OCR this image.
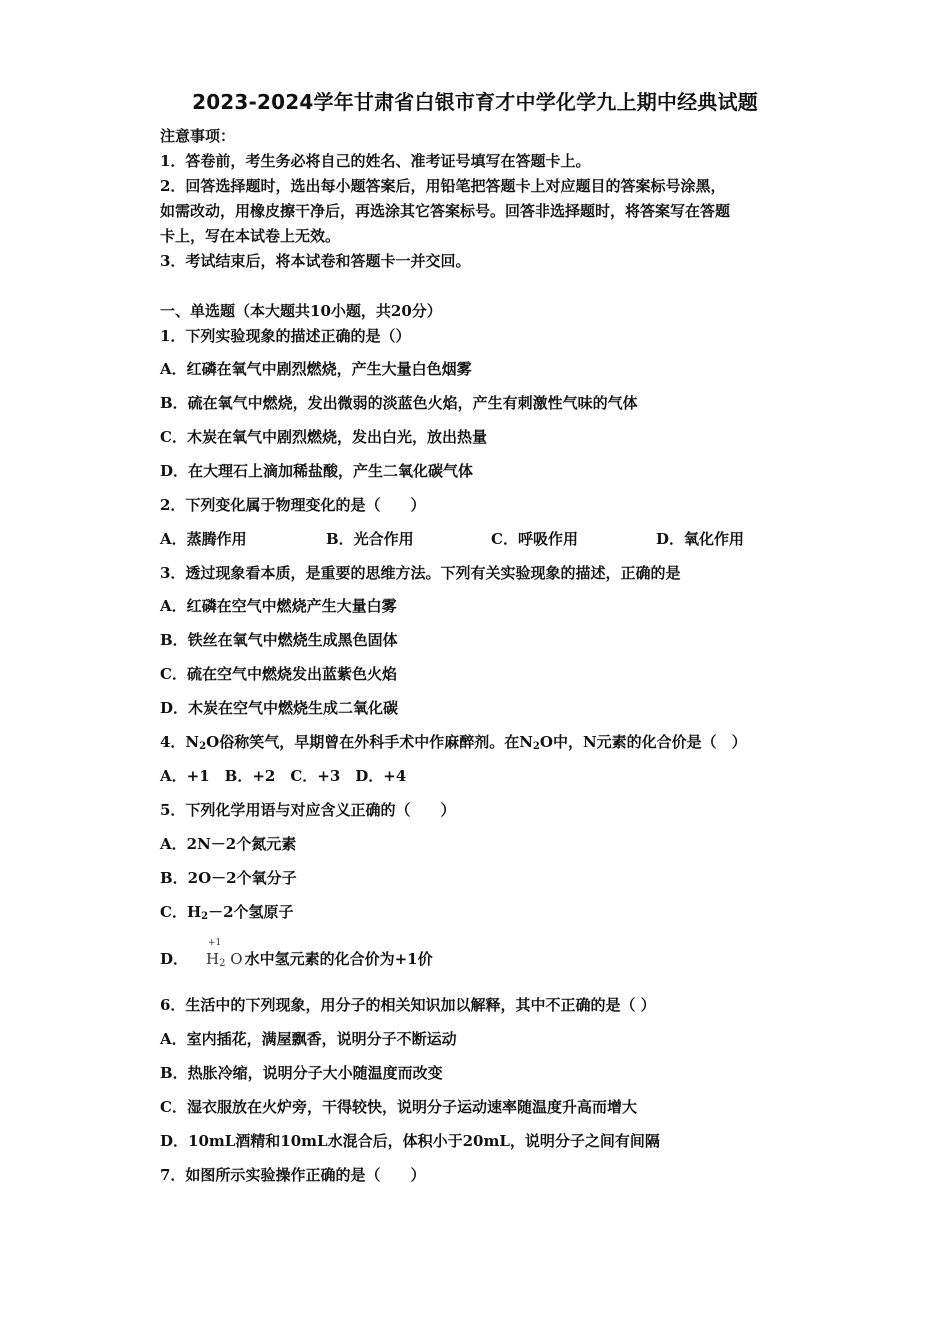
2023-2024学年甘肃省白银市育才中学化学九上期中经典试题
注意事项：
1．答卷前，考生务必将自己的姓名、准考证号填写在答题卡上。
2．回答选择题时，选出每小题答案后，用铅笔把答题卡上对应题目的答案标号涂黑，
如需改动，用橡皮擦干净后，再选涂其它答案标号。回答非选择题时，将答案写在答题
卡上，写在本试卷上无效。
3．考试结束后，将本试卷和答题卡一并交回。
一、单选题（本大题共10小题，共20分）
1．下列实验现象的描述正确的是（）
A．红磷在氧气中剧烈燃烧，产生大量白色烟雾
B．硫在氧气中燃烧，发出微弱的淡蓝色火焰，产生有刺激性气味的气体
C．木炭在氧气中剧烈燃烧，发出白光，放出热量
D．在大理石上滴加稀盐酸，产生二氧化碳气体
2．下列变化属于物理变化的是（　　）
A．蒸腾作用	B．光合作用	C．呼吸作用	D．氧化作用
3．透过现象看本质，是重要的思维方法。下列有关实验现象的描述，正确的是
A．红磷在空气中燃烧产生大量白雾
B．铁丝在氧气中燃烧生成黑色固体
C．硫在空气中燃烧发出蓝紫色火焰
D．木炭在空气中燃烧生成二氧化碳
4．$N_2O$俗称笑气，早期曾在外科手术中作麻醉剂。在$N_2O$中，N元素的化合价是（　）
A．+1　B．+2　C．+3　D．+4
5．下列化学用语与对应含义正确的（　　）
A．2N－2个氮元素
B．2O－2个氧分子
C．$H_2-2$个氢原子
D．
+1
$H_2$ O 水中氢元素的化合价为+1价
6．生活中的下列现象，用分子的相关知识加以解释，其中不正确的是（ ）
A．室内插花，满屋飘香，说明分子不断运动
B．热胀冷缩，说明分子大小随温度而改变
C．湿衣服放在火炉旁，干得较快，说明分子运动速率随温度升高而增大
D．10mL酒精和10mL水混合后，体积小于20mL，说明分子之间有间隔
7．如图所示实验操作正确的是（　　）
